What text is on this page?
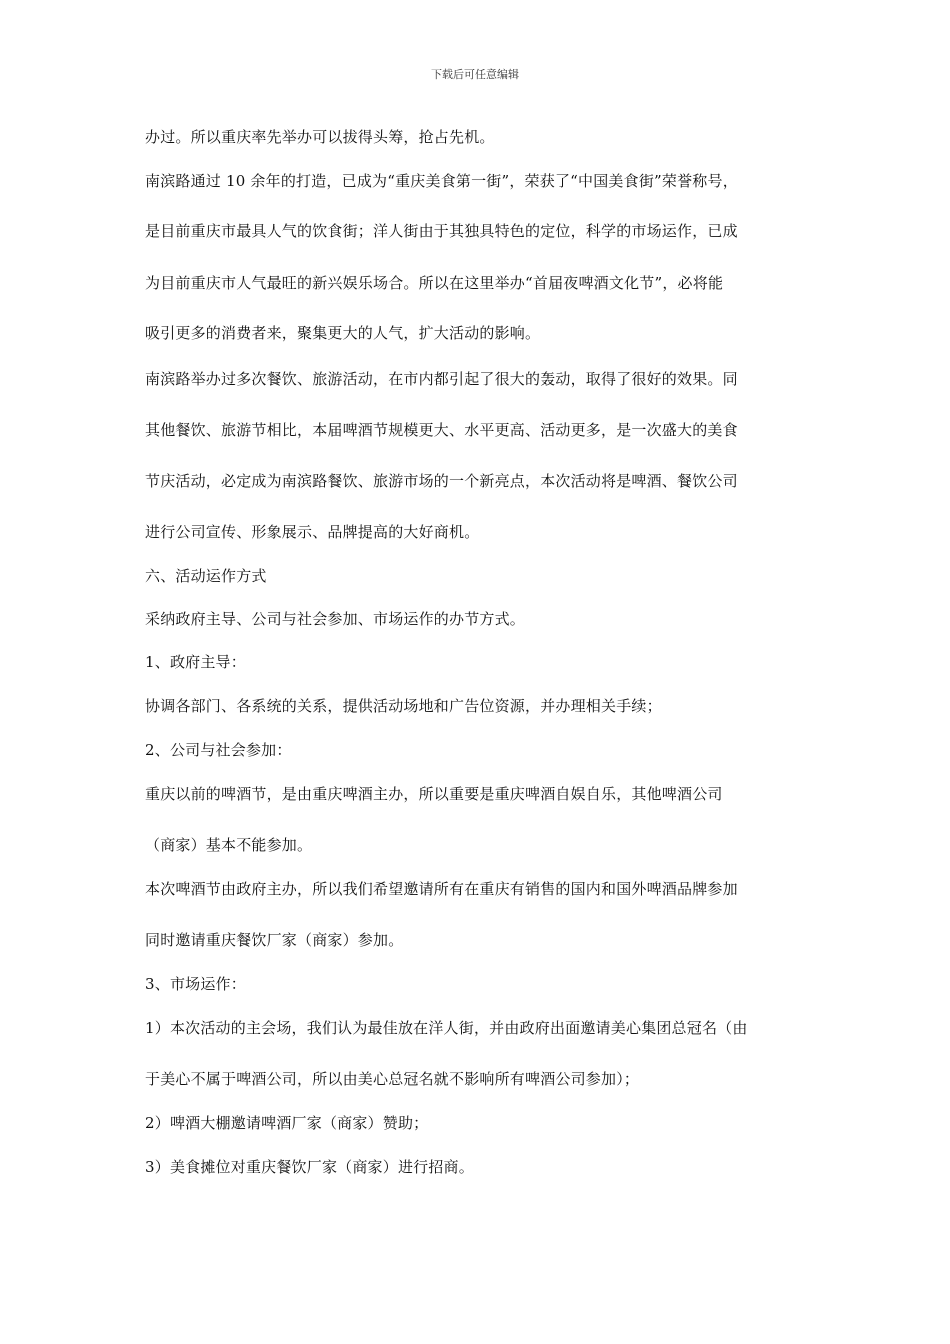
下载后可任意编辑
办过。所以重庆率先举办可以拔得头筹，抢占先机。
南滨路通过 10 余年的打造，已成为“重庆美食第一街”，荣获了“中国美食街”荣誉称号，
是目前重庆市最具人气的饮食街；洋人街由于其独具特色的定位，科学的市场运作，已成
为目前重庆市人气最旺的新兴娱乐场合。所以在这里举办“首届夜啤酒文化节”，必将能
吸引更多的消费者来，聚集更大的人气，扩大活动的影响。
南滨路举办过多次餐饮、旅游活动，在市内都引起了很大的轰动，取得了很好的效果。同
其他餐饮、旅游节相比，本届啤酒节规模更大、水平更高、活动更多，是一次盛大的美食
节庆活动，必定成为南滨路餐饮、旅游市场的一个新亮点，本次活动将是啤酒、餐饮公司
进行公司宣传、形象展示、品牌提高的大好商机。
六、活动运作方式
采纳政府主导、公司与社会参加、市场运作的办节方式。
1、政府主导：
协调各部门、各系统的关系，提供活动场地和广告位资源，并办理相关手续；
2、公司与社会参加：
重庆以前的啤酒节，是由重庆啤酒主办，所以重要是重庆啤酒自娱自乐，其他啤酒公司
（商家）基本不能参加。
本次啤酒节由政府主办，所以我们希望邀请所有在重庆有销售的国内和国外啤酒品牌参加
同时邀请重庆餐饮厂家（商家）参加。
3、市场运作：
1）本次活动的主会场，我们认为最佳放在洋人街，并由政府出面邀请美心集团总冠名（由
于美心不属于啤酒公司，所以由美心总冠名就不影响所有啤酒公司参加）；
2）啤酒大棚邀请啤酒厂家（商家）赞助；
3）美食摊位对重庆餐饮厂家（商家）进行招商。
